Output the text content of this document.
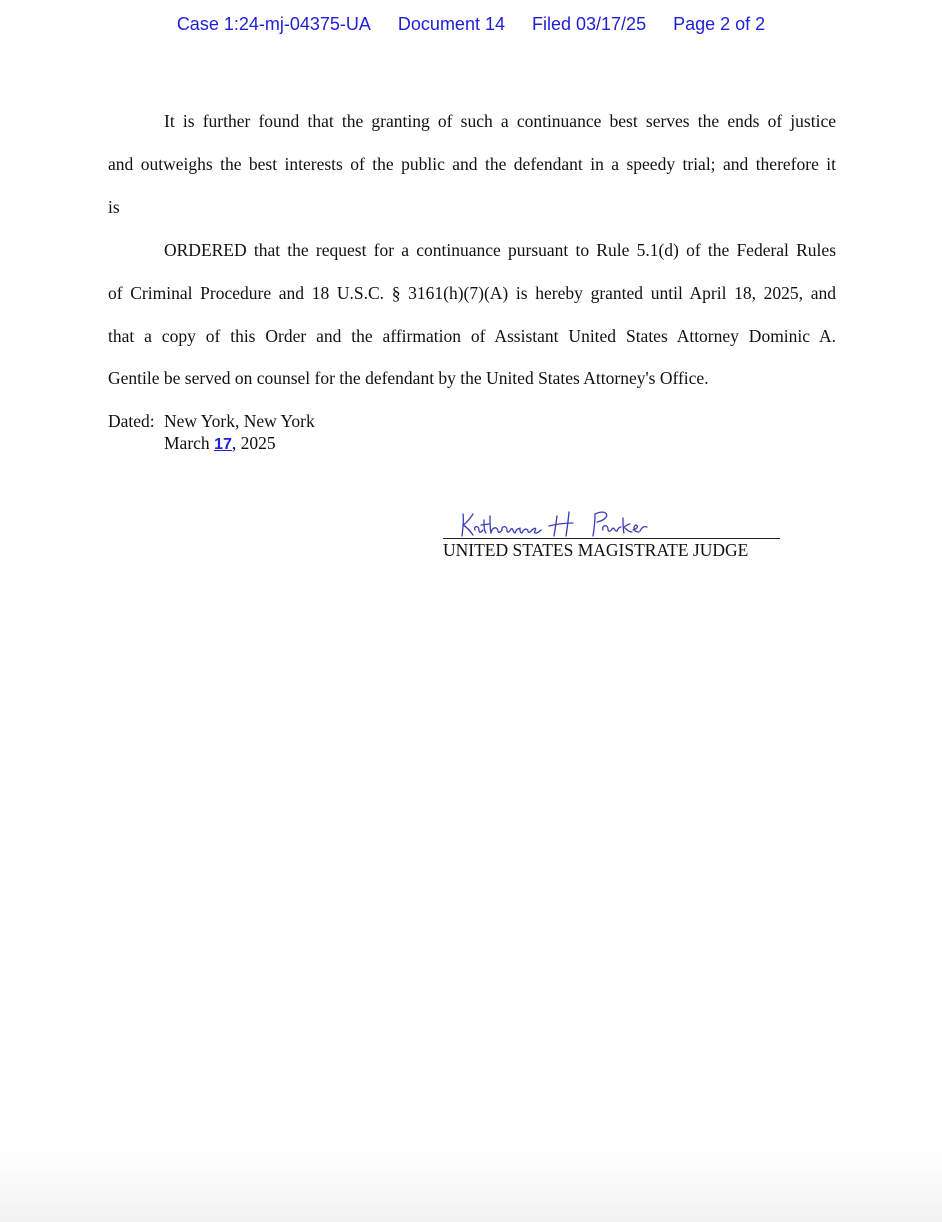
Case 1:24-mj-04375-UA Document 14 Filed 03/17/25 Page 2 of 2
It is further found that the granting of such a continuance best serves the ends of justice
and outweighs the best interests of the public and the defendant in a speedy trial; and therefore it
is
ORDERED that the request for a continuance pursuant to Rule 5.1(d) of the Federal Rules
of Criminal Procedure and 18 U.S.C. § 3161(h)(7)(A) is hereby granted until April 18, 2025, and
that a copy of this Order and the affirmation of Assistant United States Attorney Dominic A.
Gentile be served on counsel for the defendant by the United States Attorney's Office.
Dated: New York, New York
March 17, 2025
UNITED STATES MAGISTRATE JUDGE
